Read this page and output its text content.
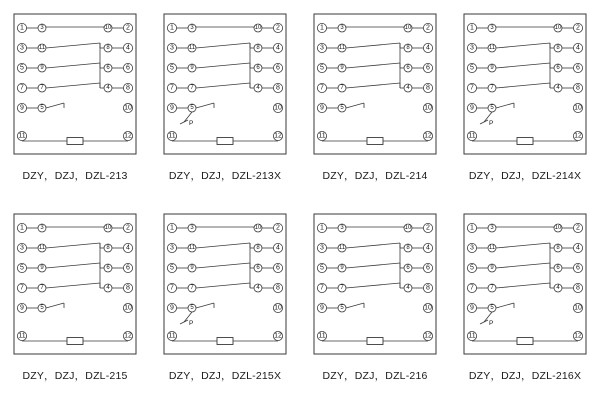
1
3
5
7
9
11
2
4
6
8
10
12
3
11
9
7
5
10
8
6
4
DZY，DZJ，DZL-213
1
3
5
7
9
11
2
4
6
8
10
12
3
11
9
7
5
10
8
6
4
P
DZY，DZJ，DZL-213X
1
3
5
7
9
11
2
4
6
8
10
12
3
11
9
7
5
10
8
6
4
DZY，DZJ，DZL-214
1
3
5
7
9
11
2
4
6
8
10
12
3
11
9
7
5
10
8
6
4
P
DZY，DZJ，DZL-214X
1
3
5
7
9
11
2
4
6
8
10
12
3
11
9
7
5
10
8
6
4
DZY，DZJ，DZL-215
1
3
5
7
9
11
2
4
6
8
10
12
3
11
9
7
5
10
8
6
4
P
DZY，DZJ，DZL-215X
1
3
5
7
9
11
2
4
6
8
10
12
3
11
9
7
5
10
8
6
4
DZY，DZJ，DZL-216
1
3
5
7
9
11
2
4
6
8
10
12
3
11
9
7
5
10
8
6
4
P
DZY，DZJ，DZL-216X
